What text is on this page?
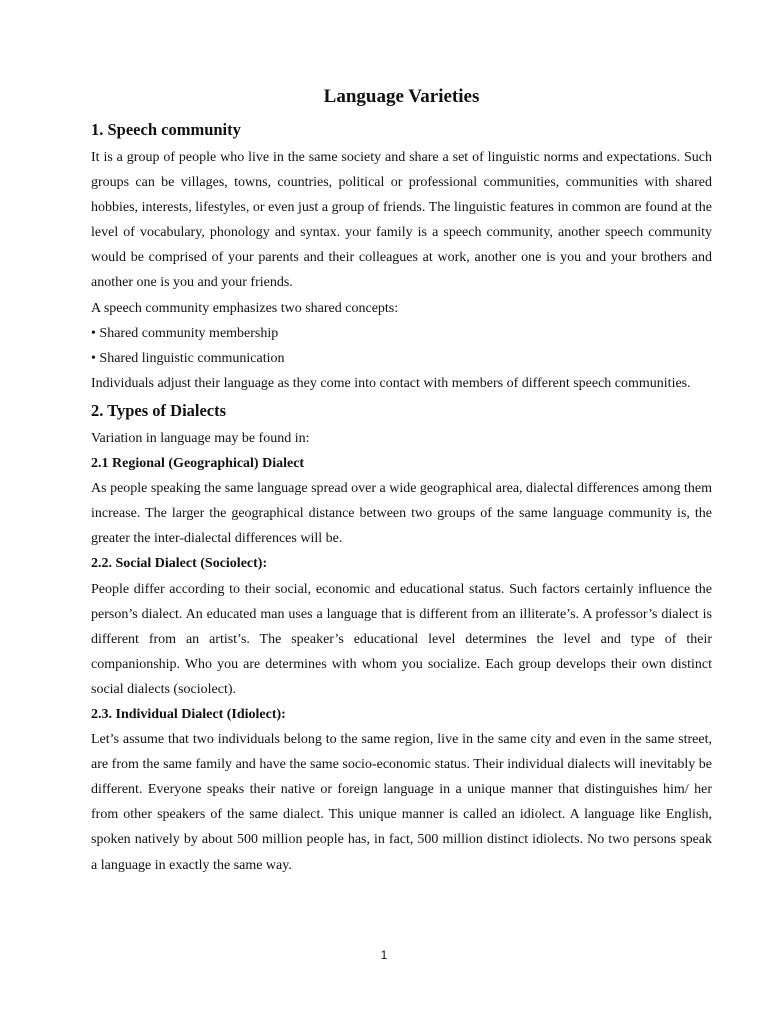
Language Varieties
1. Speech community

It is a group of people who live in the same society and share a set of linguistic norms and expectations. Such groups can be villages, towns, countries, political or professional communities, communities with shared hobbies, interests, lifestyles, or even just a group of friends. The linguistic features in common are found at the level of vocabulary, phonology and syntax. your family is a speech community, another speech community would be comprised of your parents and their colleagues at work, another one is you and your brothers and another one is you and your friends.

A speech community emphasizes two shared concepts:

• Shared community membership

• Shared linguistic communication

Individuals adjust their language as they come into contact with members of different speech communities.

2. Types of Dialects

Variation in language may be found in:

2.1 Regional (Geographical) Dialect

As people speaking the same language spread over a wide geographical area, dialectal differences among them increase. The larger the geographical distance between two groups of the same language community is, the greater the inter-dialectal differences will be.

2.2. Social Dialect (Sociolect):

People differ according to their social, economic and educational status. Such factors certainly influence the person’s dialect. An educated man uses a language that is different from an illiterate’s. A professor’s dialect is different from an artist’s. The speaker’s educational level determines the level and type of their companionship. Who you are determines with whom you socialize. Each group develops their own distinct social dialects (sociolect).

2.3. Individual Dialect (Idiolect):

Let’s assume that two individuals belong to the same region, live in the same city and even in the same street, are from the same family and have the same socio-economic status. Their individual dialects will inevitably be different. Everyone speaks their native or foreign language in a unique manner that distinguishes him/ her from other speakers of the same dialect. This unique manner is called an idiolect. A language like English, spoken natively by about 500 million people has, in fact, 500 million distinct idiolects. No two persons speak a language in exactly the same way.

1
